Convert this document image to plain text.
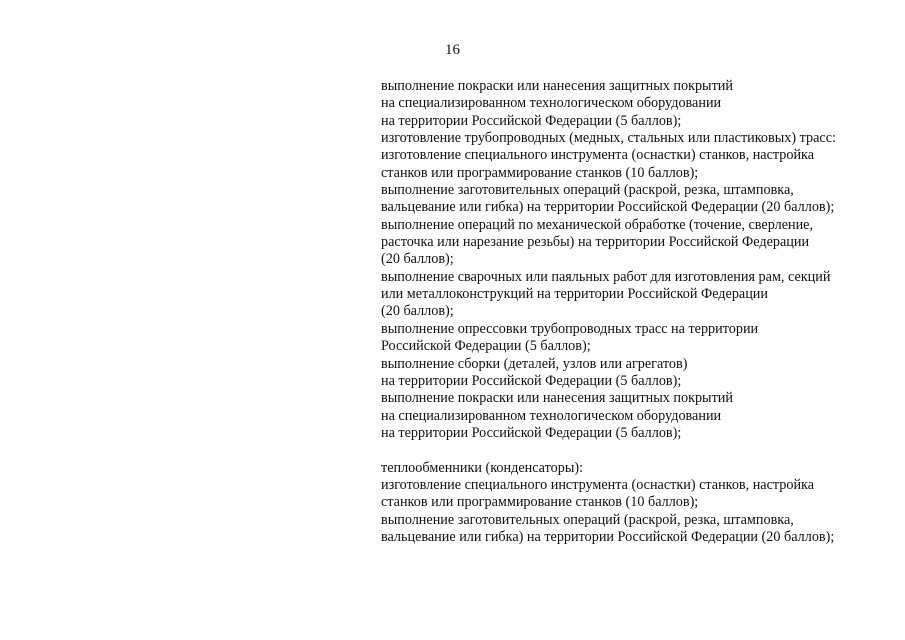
16
выполнение покраски или нанесения защитных покрытий
на специализированном технологическом оборудовании
на территории Российской Федерации (5 баллов);
изготовление трубопроводных (медных, стальных или пластиковых) трасс:
изготовление специального инструмента (оснастки) станков, настройка
станков или программирование станков (10 баллов);
выполнение заготовительных операций (раскрой, резка, штамповка,
вальцевание или гибка) на территории Российской Федерации (20 баллов);
выполнение операций по механической обработке (точение, сверление,
расточка или нарезание резьбы) на территории Российской Федерации
(20 баллов);
выполнение сварочных или паяльных работ для изготовления рам, секций
или металлоконструкций на территории Российской Федерации
(20 баллов);
выполнение опрессовки трубопроводных трасс на территории
Российской Федерации (5 баллов);
выполнение сборки (деталей, узлов или агрегатов)
на территории Российской Федерации (5 баллов);
выполнение покраски или нанесения защитных покрытий
на специализированном технологическом оборудовании
на территории Российской Федерации (5 баллов);
теплообменники (конденсаторы):
изготовление специального инструмента (оснастки) станков, настройка
станков или программирование станков (10 баллов);
выполнение заготовительных операций (раскрой, резка, штамповка,
вальцевание или гибка) на территории Российской Федерации (20 баллов);
